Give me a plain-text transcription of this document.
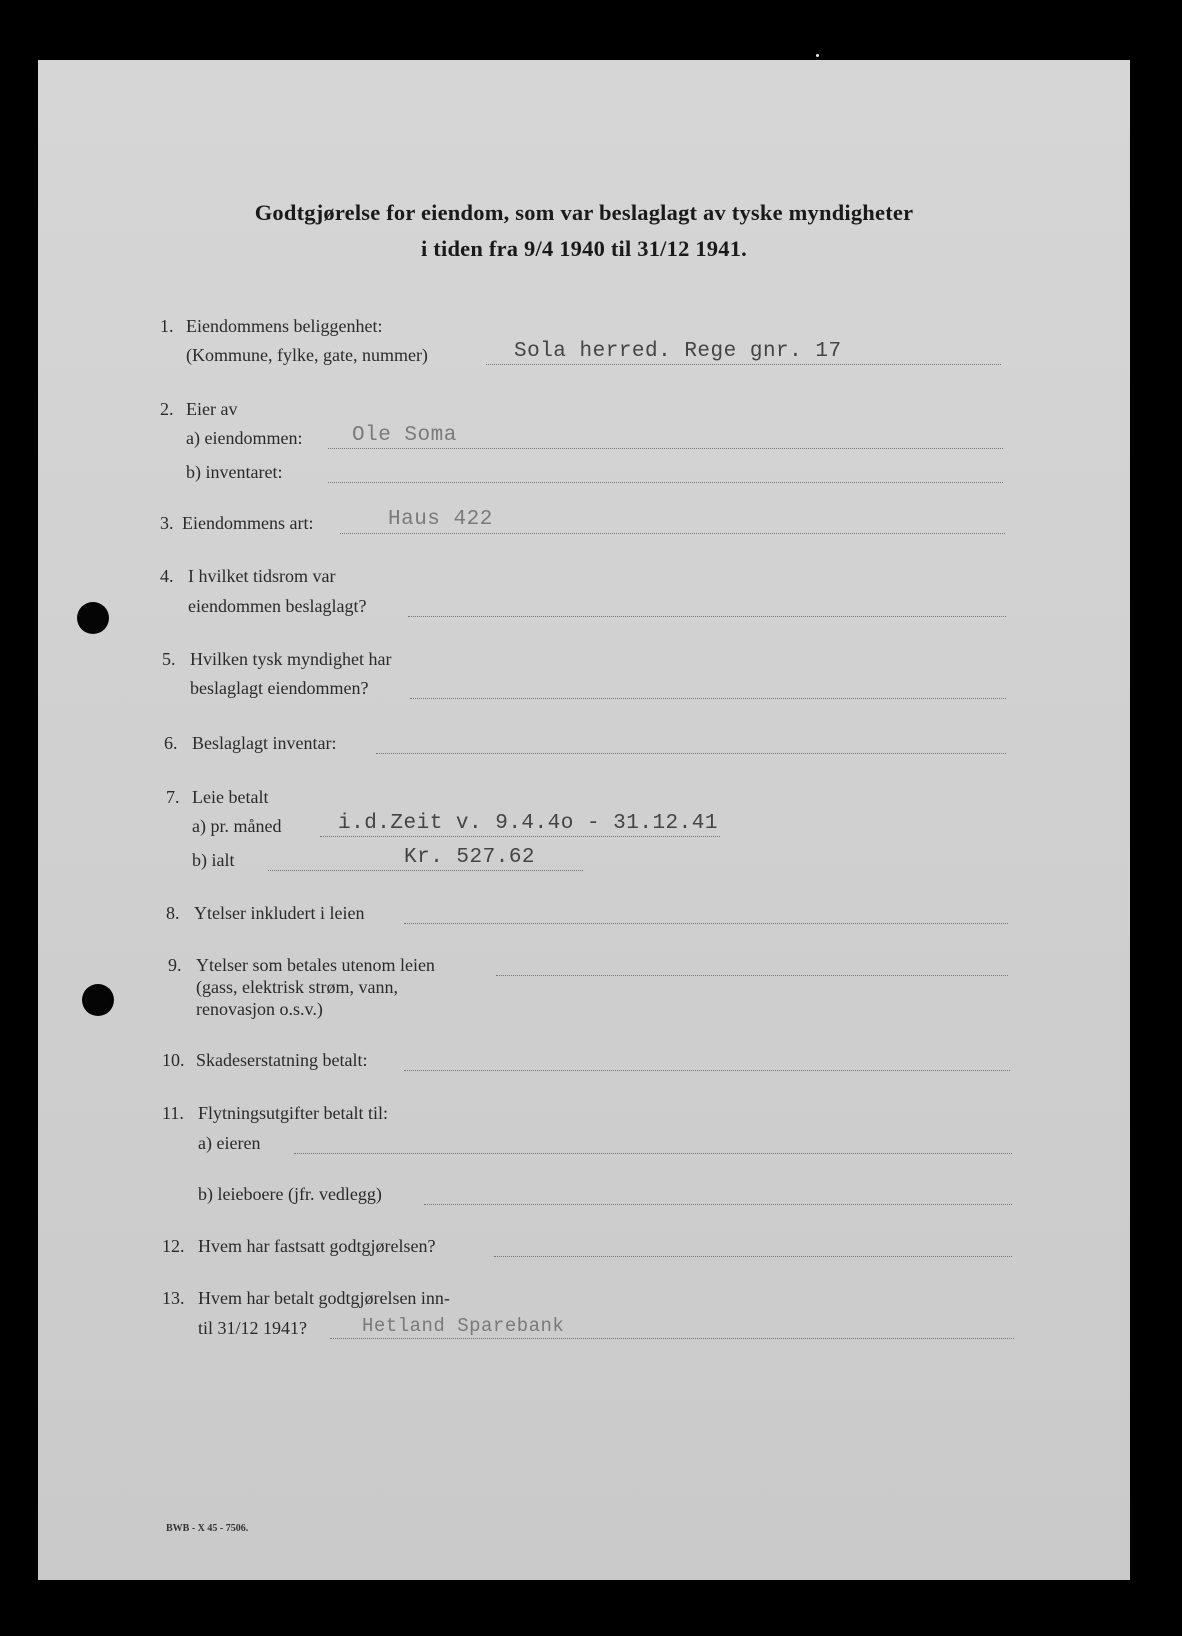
Godtgjørelse for eiendom, som var beslaglagt av tyske myndigheter
i tiden fra 9/4 1940 til 31/12 1941.
1. Eiendommens beliggenhet:
(Kommune, fylke, gate, nummer)	Sola herred. Rege gnr. 17
2. Eier av
a) eiendommen: Ole Soma
b) inventaret:
3. Eiendommens art:	Haus 422
4. I hvilket tidsrom var
eiendommen beslaglagt?
5. Hvilken tysk myndighet har
beslaglagt eiendommen?
6. Beslaglagt inventar:
7. Leie betalt
a) pr. måned	i.d.Zeit v. 9.4.4o - 31.12.41
b) ialt	Kr. 527.62
8. Ytelser inkludert i leien
9. Ytelser som betales utenom leien
(gass, elektrisk strøm, vann,
renovasjon o.s.v.)
10. Skadeserstatning betalt:
11. Flytningsutgifter betalt til:
a) eieren
b) leieboere (jfr. vedlegg)
12. Hvem har fastsatt godtgjørelsen?
13. Hvem har betalt godtgjørelsen inn-
til 31/12 1941?	Hetland Sparebank
BWB - X 45 - 7506.
